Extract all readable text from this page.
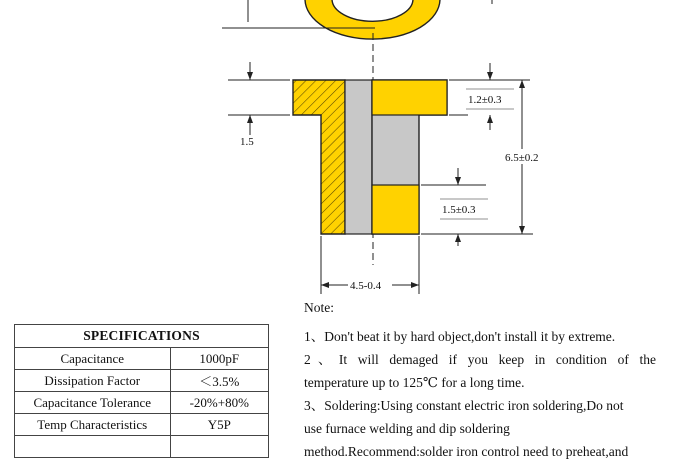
1.5
1.2±0.3
6.5±0.2
1.5±0.3
4.5-0.4
SPECIFICATIONS	
Capacitance	1000pF
Dissipation Factor	＜3.5%
Capacitance Tolerance	-20%+80%
Temp Characteristics	Y5P

Note:

1、Don't beat it by hard object,don't install it by extreme.

2、It will demaged if you keep in condition of the

temperature up to 125℃ for a long time.

3、Soldering:Using constant electric iron soldering,Do not

use furnace welding and dip soldering

method.Recommend:solder iron control need to preheat,and
